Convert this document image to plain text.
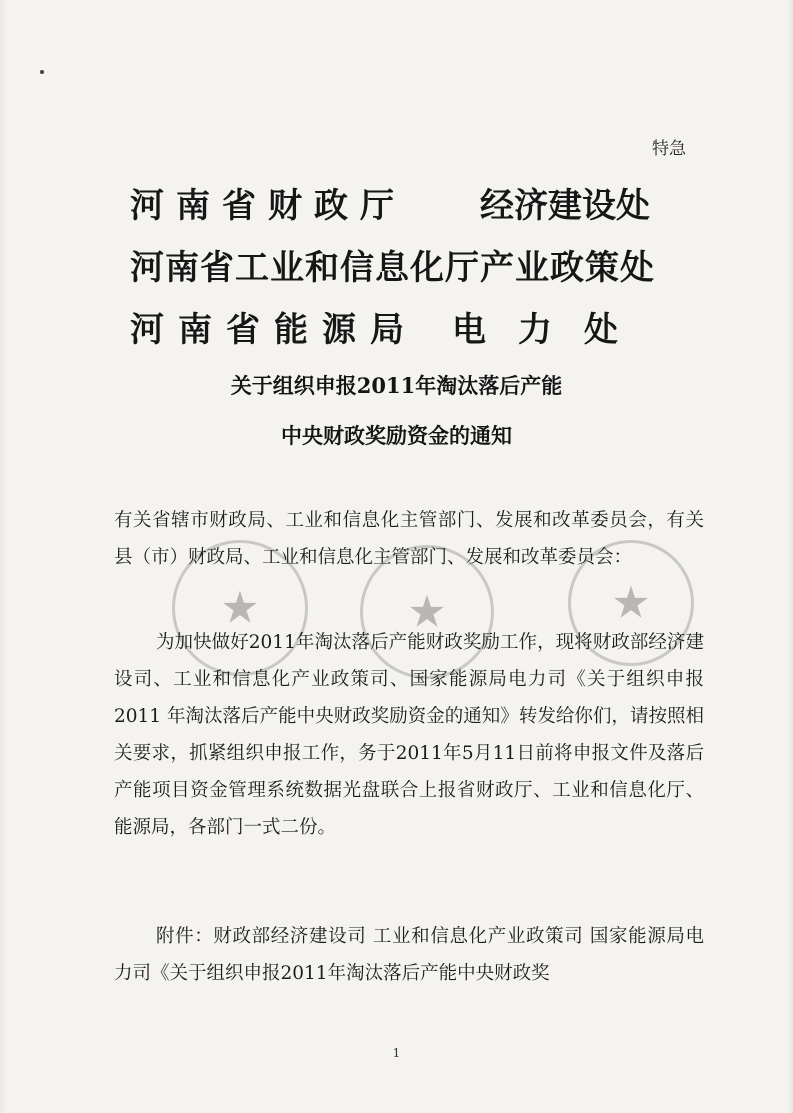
特急
河南省财政厅 经济建设处
河南省工业和信息化厅产业政策处
河南省能源局 电力处
关于组织申报2011年淘汰落后产能
中央财政奖励资金的通知
★	★	★

有关省辖市财政局、工业和信息化主管部门、发展和改革委员会，有关县（市）财政局、工业和信息化主管部门、发展和改革委员会：

为加快做好2011年淘汰落后产能财政奖励工作，现将财政部经济建设司、工业和信息化产业政策司、国家能源局电力司《关于组织申报 2011 年淘汰落后产能中央财政奖励资金的通知》转发给你们，请按照相关要求，抓紧组织申报工作，务于2011年5月11日前将申报文件及落后产能项目资金管理系统数据光盘联合上报省财政厅、工业和信息化厅、能源局，各部门一式二份。

附件：财政部经济建设司 工业和信息化产业政策司 国家能源局电力司《关于组织申报2011年淘汰落后产能中央财政奖

1
